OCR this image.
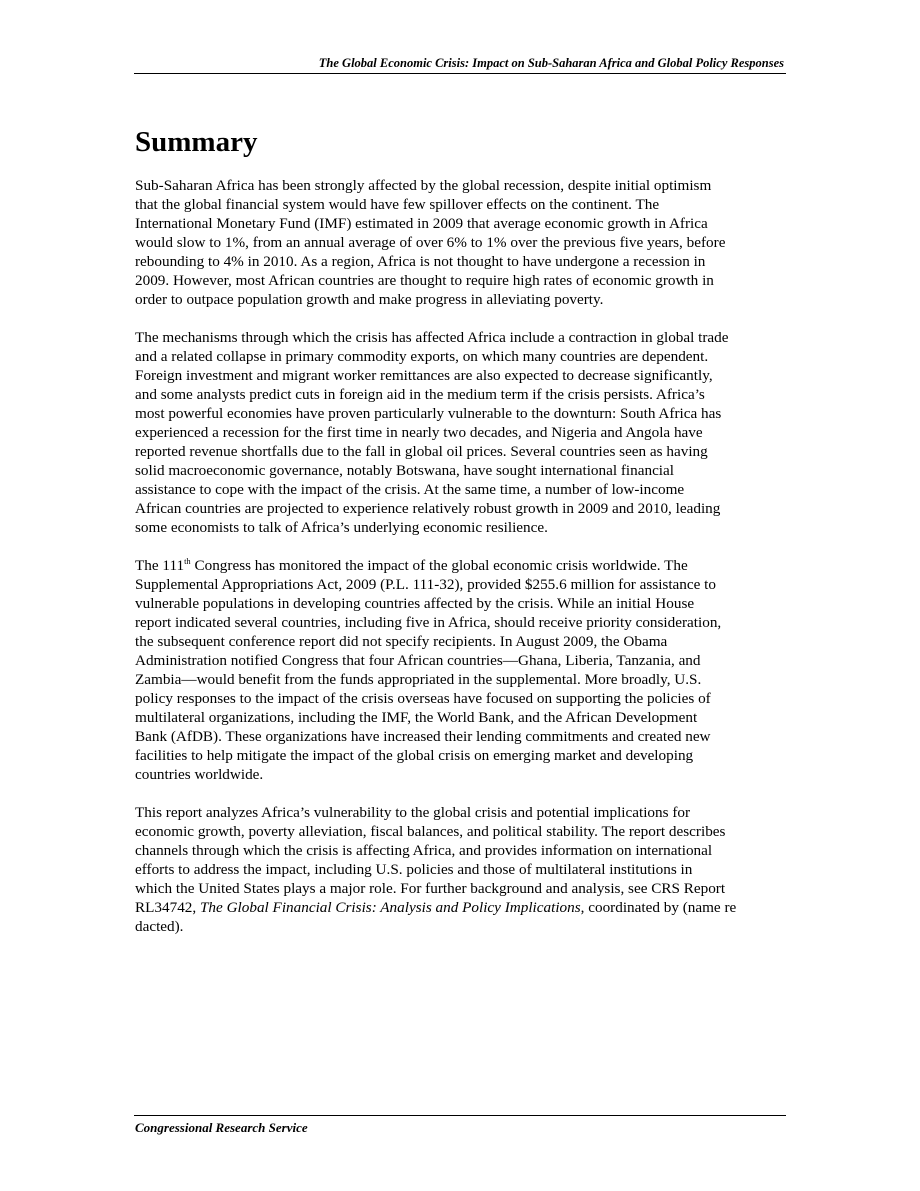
The Global Economic Crisis: Impact on Sub-Saharan Africa and Global Policy Responses
Summary

Sub-Saharan Africa has been strongly affected by the global recession, despite initial optimism
that the global financial system would have few spillover effects on the continent. The
International Monetary Fund (IMF) estimated in 2009 that average economic growth in Africa
would slow to 1%, from an annual average of over 6% to 1% over the previous five years, before
rebounding to 4% in 2010. As a region, Africa is not thought to have undergone a recession in
2009. However, most African countries are thought to require high rates of economic growth in
order to outpace population growth and make progress in alleviating poverty.

The mechanisms through which the crisis has affected Africa include a contraction in global trade
and a related collapse in primary commodity exports, on which many countries are dependent.
Foreign investment and migrant worker remittances are also expected to decrease significantly,
and some analysts predict cuts in foreign aid in the medium term if the crisis persists. Africa’s
most powerful economies have proven particularly vulnerable to the downturn: South Africa has
experienced a recession for the first time in nearly two decades, and Nigeria and Angola have
reported revenue shortfalls due to the fall in global oil prices. Several countries seen as having
solid macroeconomic governance, notably Botswana, have sought international financial
assistance to cope with the impact of the crisis. At the same time, a number of low-income
African countries are projected to experience relatively robust growth in 2009 and 2010, leading
some economists to talk of Africa’s underlying economic resilience.

The 111th Congress has monitored the impact of the global economic crisis worldwide. The
Supplemental Appropriations Act, 2009 (P.L. 111-32), provided $255.6 million for assistance to
vulnerable populations in developing countries affected by the crisis. While an initial House
report indicated several countries, including five in Africa, should receive priority consideration,
the subsequent conference report did not specify recipients. In August 2009, the Obama
Administration notified Congress that four African countries—Ghana, Liberia, Tanzania, and
Zambia—would benefit from the funds appropriated in the supplemental. More broadly, U.S.
policy responses to the impact of the crisis overseas have focused on supporting the policies of
multilateral organizations, including the IMF, the World Bank, and the African Development
Bank (AfDB). These organizations have increased their lending commitments and created new
facilities to help mitigate the impact of the global crisis on emerging market and developing
countries worldwide.

This report analyzes Africa’s vulnerability to the global crisis and potential implications for
economic growth, poverty alleviation, fiscal balances, and political stability. The report describes
channels through which the crisis is affecting Africa, and provides information on international
efforts to address the impact, including U.S. policies and those of multilateral institutions in
which the United States plays a major role. For further background and analysis, see CRS Report
RL34742, The Global Financial Crisis: Analysis and Policy Implications, coordinated by (name re
dacted).

Congressional Research Service
